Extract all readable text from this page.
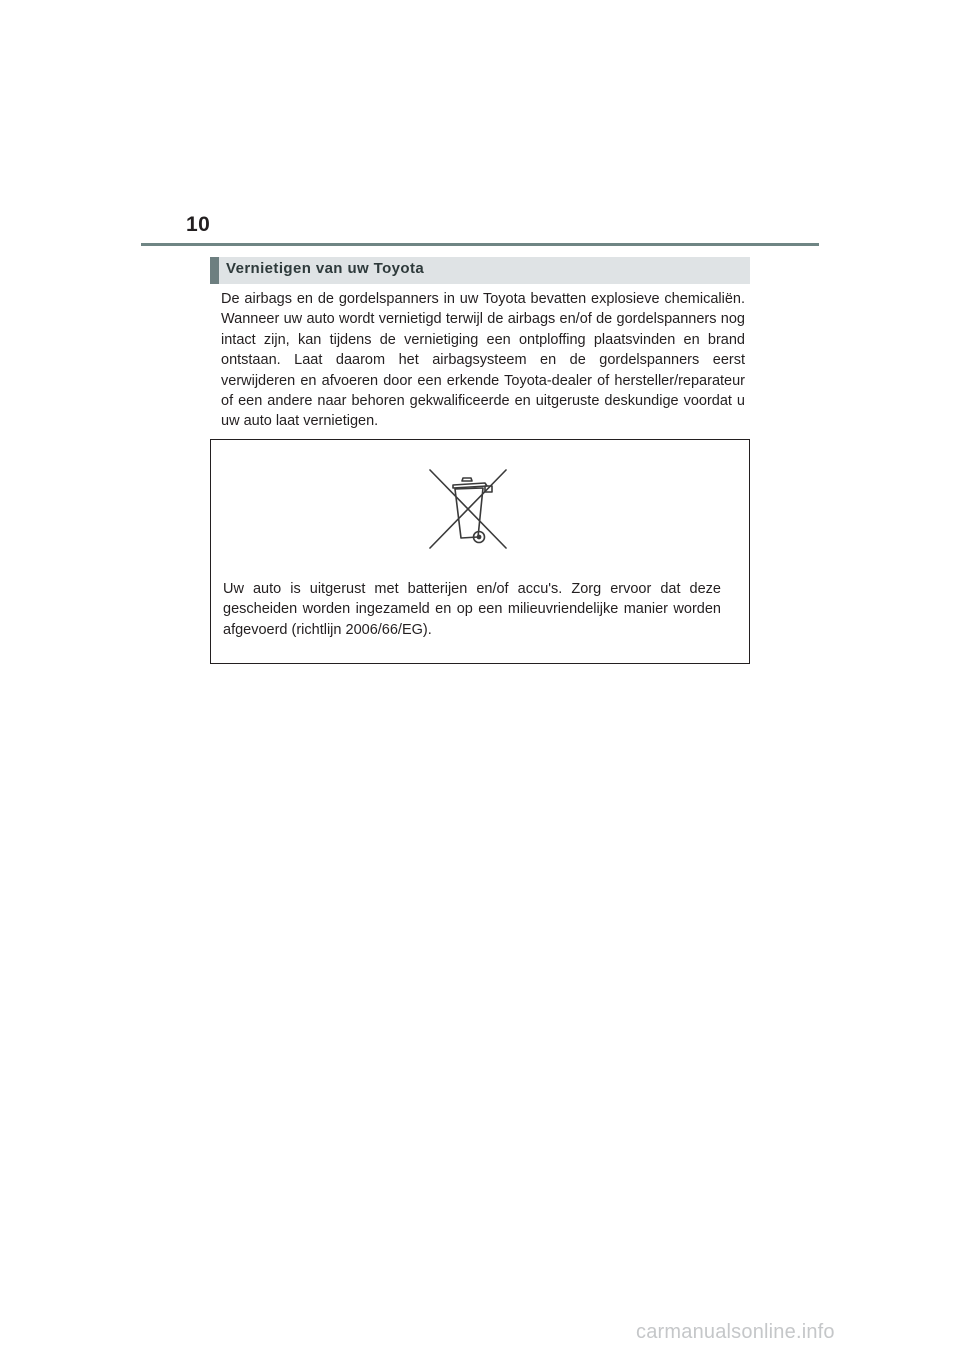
10
Vernietigen van uw Toyota

De airbags en de gordelspanners in uw Toyota bevatten explosieve chemicaliën. Wanneer uw auto wordt vernietigd terwijl de airbags en/of de gordelspanners nog intact zijn, kan tijdens de vernietiging een ontploffing plaatsvinden en brand ontstaan. Laat daarom het airbagsysteem en de gordelspanners eerst verwijderen en afvoeren door een erkende Toyota-dealer of hersteller/reparateur of een andere naar behoren gekwalificeerde en uitgeruste deskundige voordat u uw auto laat vernietigen.

Uw auto is uitgerust met batterijen en/of accu's. Zorg ervoor dat deze gescheiden worden ingezameld en op een milieuvriendelijke manier worden afgevoerd (richtlijn 2006/66/EG).

carmanualsonline.info
